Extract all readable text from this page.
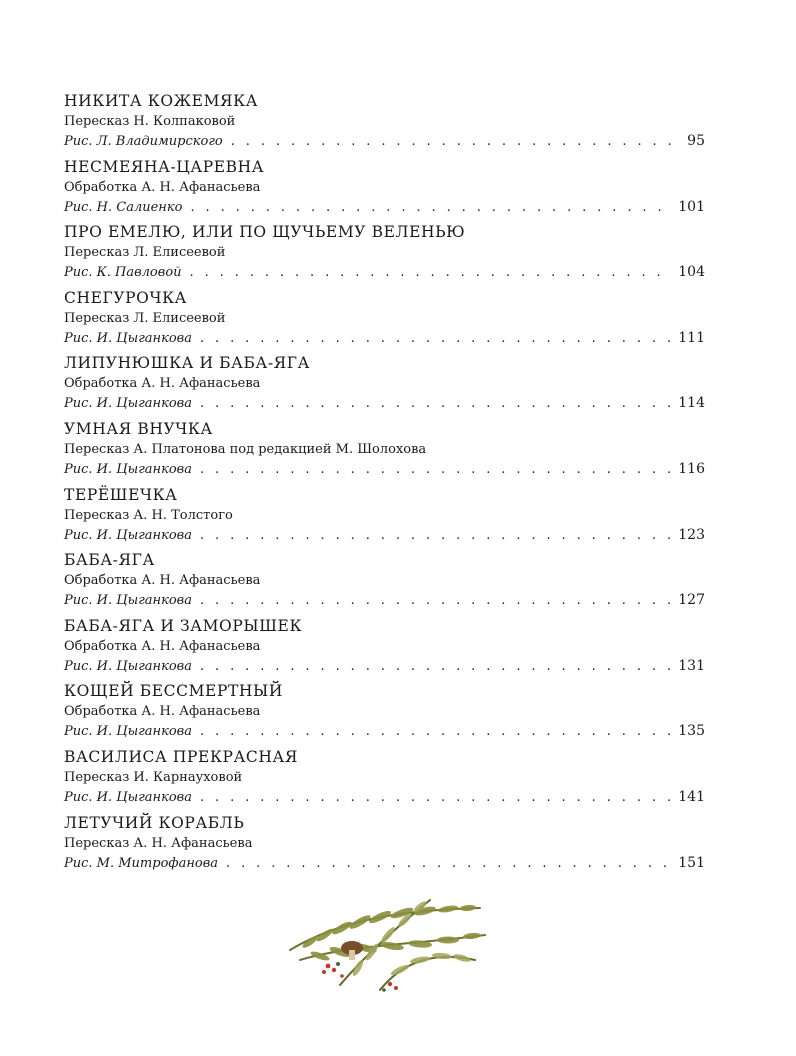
НИКИТА КОЖЕМЯКА
Пересказ Н. Колпаковой
Рис. Л. Владимирского . . .	95
НЕСМЕЯНА-ЦАРЕВНА
Обработка А. Н. Афанасьева
Рис. Н. Салиенко . . .	101
ПРО ЕМЕЛЮ, ИЛИ ПО ЩУЧЬЕМУ ВЕЛЕНЬЮ
Пересказ Л. Елисеевой
Рис. К. Павловой . . .	104
СНЕГУРОЧКА
Пересказ Л. Елисеевой
Рис. И. Цыганкова . . .	111
ЛИПУНЮШКА И БАБА-ЯГА
Обработка А. Н. Афанасьева
Рис. И. Цыганкова . . .	114
УМНАЯ ВНУЧКА
Пересказ А. Платонова под редакцией М. Шолохова
Рис. И. Цыганкова . . .	116
ТЕРЁШЕЧКА
Пересказ А. Н. Толстого
Рис. И. Цыганкова . . .	123
БАБА-ЯГА
Обработка А. Н. Афанасьева
Рис. И. Цыганкова . . .	127
БАБА-ЯГА И ЗАМОРЫШЕК
Обработка А. Н. Афанасьева
Рис. И. Цыганкова . . .	131
КОЩЕЙ БЕССМЕРТНЫЙ
Обработка А. Н. Афанасьева
Рис. И. Цыганкова . . .	135
ВАСИЛИСА ПРЕКРАСНАЯ
Пересказ И. Карнауховой
Рис. И. Цыганкова . . .	141
ЛЕТУЧИЙ КОРАБЛЬ
Пересказ А. Н. Афанасьева
Рис. М. Митрофанова . . .	151
